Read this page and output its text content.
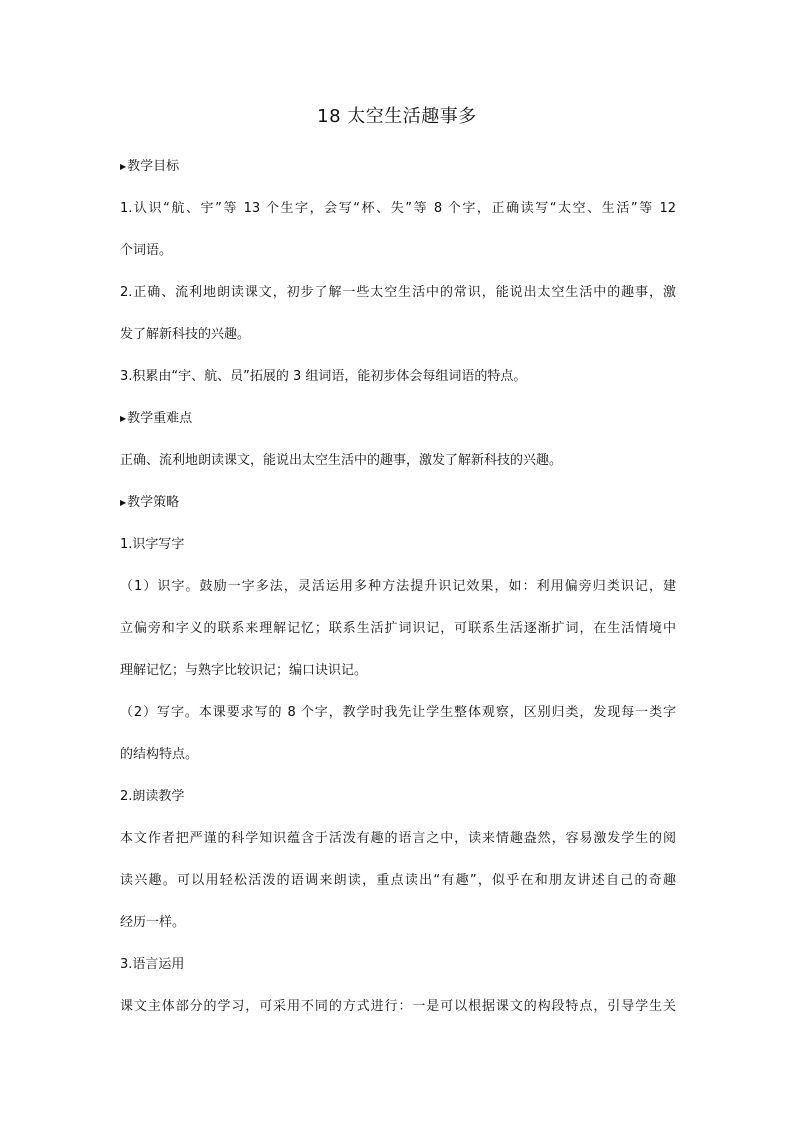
18 太空生活趣事多
▶教学目标
1.认识“航、宇”等 13 个生字，会写“杯、失”等 8 个字，正确读写“太空、生活”等 12
个词语。
2.正确、流利地朗读课文，初步了解一些太空生活中的常识，能说出太空生活中的趣事，激
发了解新科技的兴趣。
3.积累由“宇、航、员”拓展的 3 组词语，能初步体会每组词语的特点。
▶教学重难点
正确、流利地朗读课文，能说出太空生活中的趣事，激发了解新科技的兴趣。
▶教学策略
1.识字写字
（1）识字。鼓励一字多法，灵活运用多种方法提升识记效果，如：利用偏旁归类识记，建
立偏旁和字义的联系来理解记忆；联系生活扩词识记，可联系生活逐渐扩词，在生活情境中
理解记忆；与熟字比较识记；编口诀识记。
（2）写字。本课要求写的 8 个字，教学时我先让学生整体观察，区别归类，发现每一类字
的结构特点。
2.朗读教学
本文作者把严谨的科学知识蕴含于活泼有趣的语言之中，读来情趣盎然，容易激发学生的阅
读兴趣。可以用轻松活泼的语调来朗读，重点读出“有趣”，似乎在和朋友讲述自己的奇趣
经历一样。
3.语言运用
课文主体部分的学习，可采用不同的方式进行：一是可以根据课文的构段特点，引导学生关
